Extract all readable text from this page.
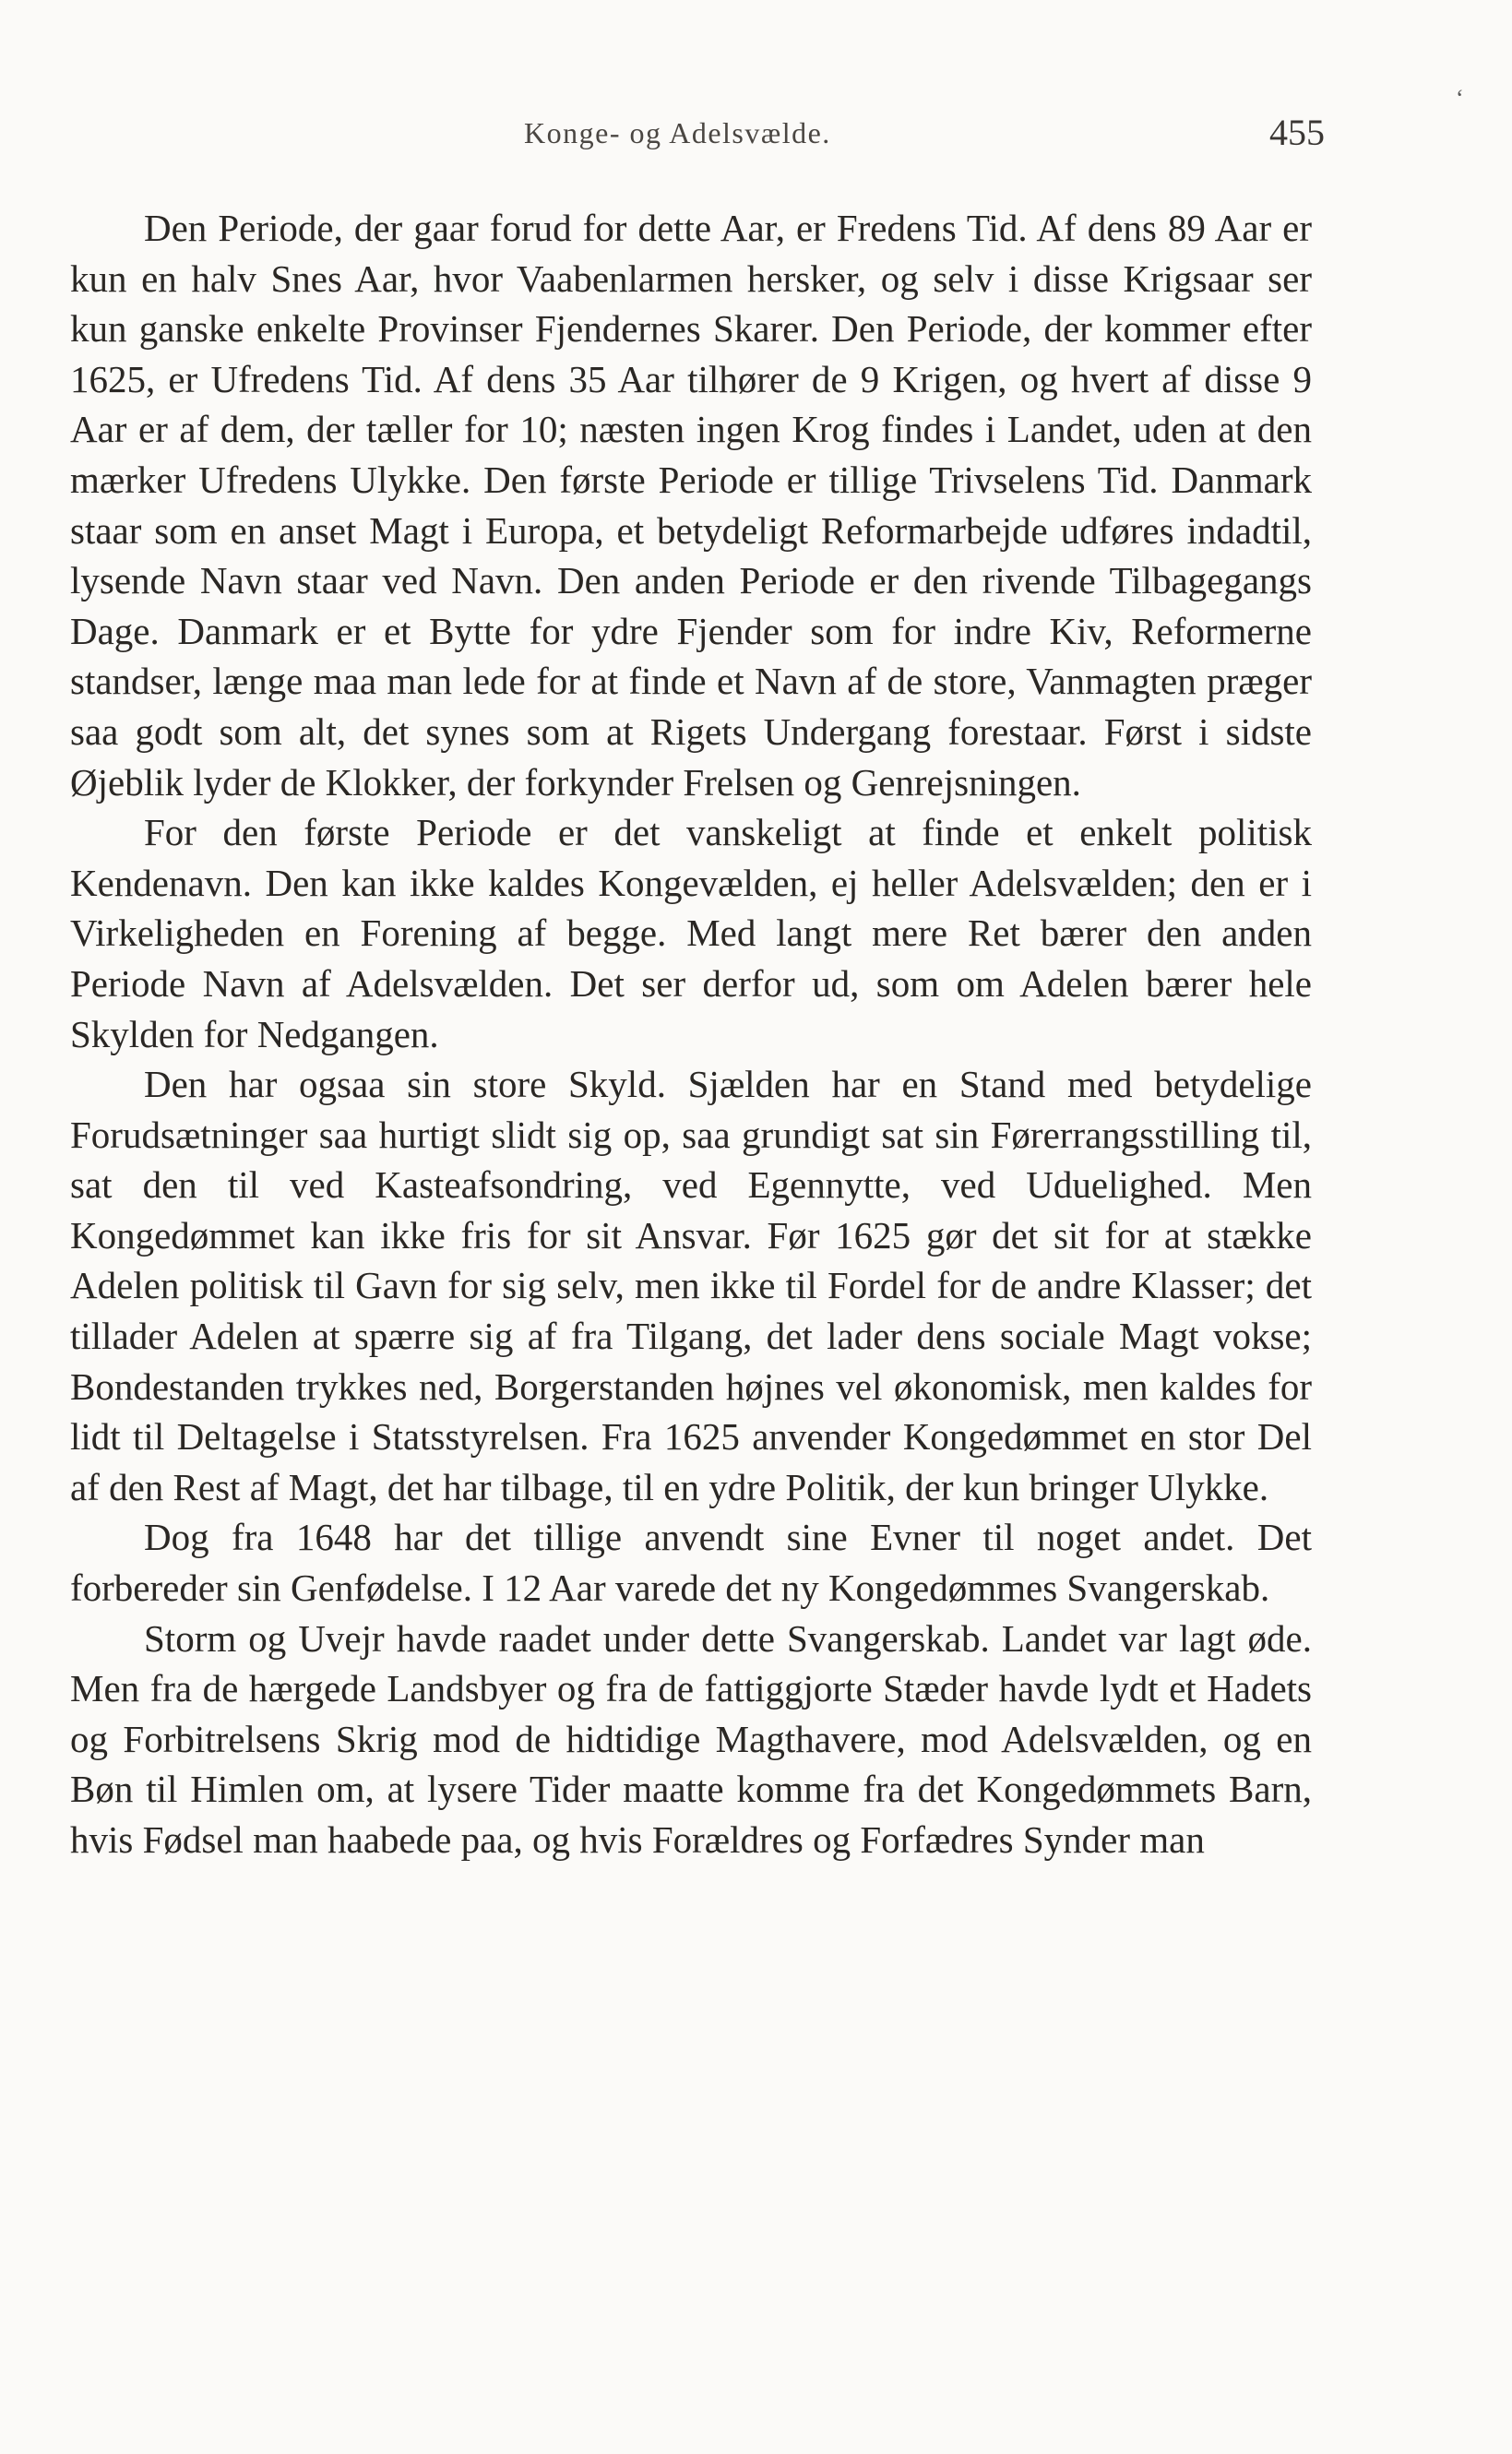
Konge- og Adelsvælde.	455
‘

Den Periode, der gaar forud for dette Aar, er Fredens Tid. Af dens 89 Aar er kun en halv Snes Aar, hvor Vaabenlarmen hersker, og selv i disse Krigsaar ser kun ganske enkelte Provinser Fjendernes Skarer. Den Periode, der kommer efter 1625, er Ufredens Tid. Af dens 35 Aar tilhører de 9 Krigen, og hvert af disse 9 Aar er af dem, der tæller for 10; næsten ingen Krog findes i Landet, uden at den mærker Ufredens Ulykke. Den første Periode er tillige Trivselens Tid. Danmark staar som en anset Magt i Europa, et betydeligt Reformarbejde udføres indadtil, lysende Navn staar ved Navn. Den anden Periode er den rivende Tilbagegangs Dage. Danmark er et Bytte for ydre Fjender som for indre Kiv, Reformerne standser, længe maa man lede for at finde et Navn af de store, Vanmagten præger saa godt som alt, det synes som at Rigets Undergang forestaar. Først i sidste Øjeblik lyder de Klokker, der forkynder Frelsen og Genrejsningen.

For den første Periode er det vanskeligt at finde et enkelt politisk Kendenavn. Den kan ikke kaldes Kongevælden, ej heller Adelsvælden; den er i Virkeligheden en Forening af begge. Med langt mere Ret bærer den anden Periode Navn af Adelsvælden. Det ser derfor ud, som om Adelen bærer hele Skylden for Nedgangen.

Den har ogsaa sin store Skyld. Sjælden har en Stand med betydelige Forudsætninger saa hurtigt slidt sig op, saa grundigt sat sin Førerrangsstilling til, sat den til ved Kasteafsondring, ved Egennytte, ved Uduelighed. Men Kongedømmet kan ikke fris for sit Ansvar. Før 1625 gør det sit for at stække Adelen politisk til Gavn for sig selv, men ikke til Fordel for de andre Klasser; det tillader Adelen at spærre sig af fra Tilgang, det lader dens sociale Magt vokse; Bondestanden trykkes ned, Borgerstanden højnes vel økonomisk, men kaldes for lidt til Deltagelse i Statsstyrelsen. Fra 1625 anvender Kongedømmet en stor Del af den Rest af Magt, det har tilbage, til en ydre Politik, der kun bringer Ulykke.

Dog fra 1648 har det tillige anvendt sine Evner til noget andet. Det forbereder sin Genfødelse. I 12 Aar varede det ny Kongedømmes Svangerskab.

Storm og Uvejr havde raadet under dette Svangerskab. Landet var lagt øde. Men fra de hærgede Landsbyer og fra de fattiggjorte Stæder havde lydt et Hadets og Forbitrelsens Skrig mod de hidtidige Magthavere, mod Adelsvælden, og en Bøn til Himlen om, at lysere Tider maatte komme fra det Kongedømmets Barn, hvis Fødsel man haabede paa, og hvis Forældres og Forfædres Synder man
